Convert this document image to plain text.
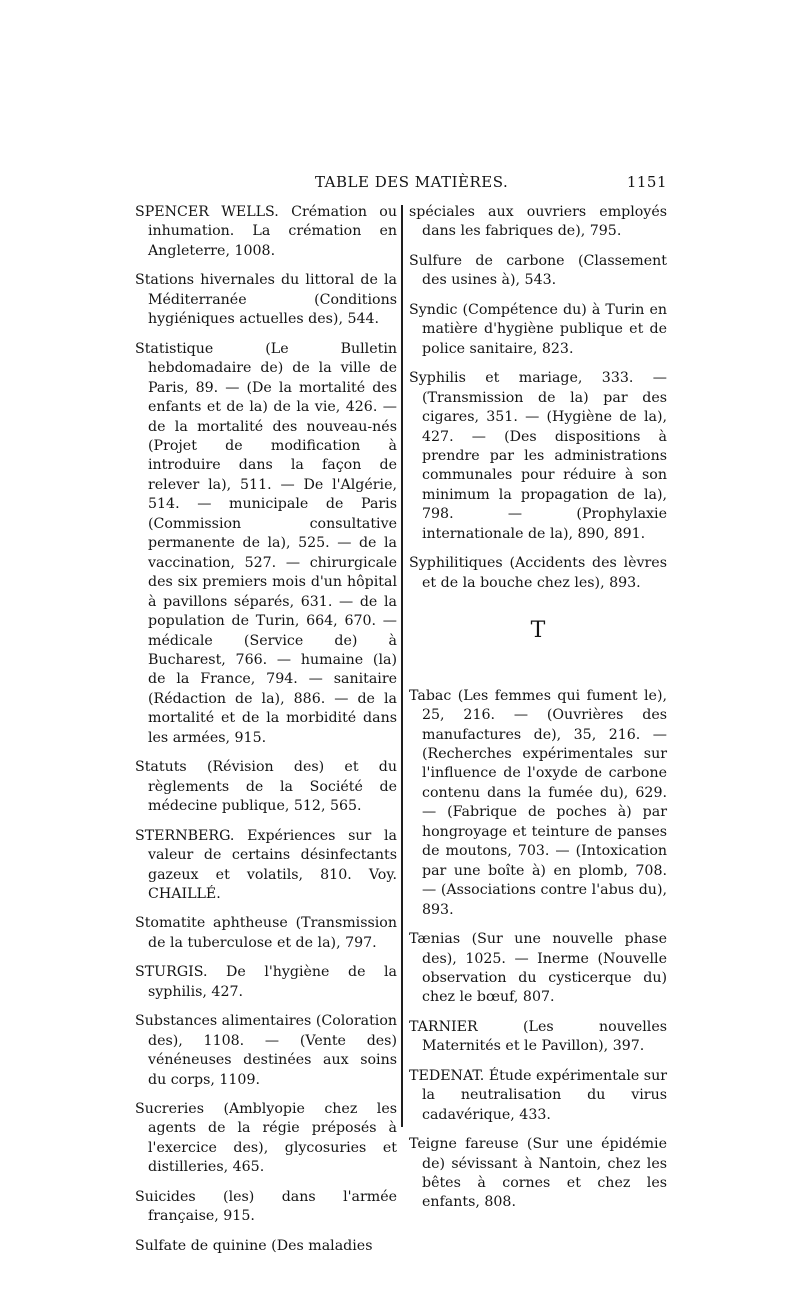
TABLE DES MATIÈRES.	1151

SPENCER WELLS. Crémation ou inhumation. La crémation en Angleterre, 1008.

Stations hivernales du littoral de la Méditerranée (Conditions hygiéniques actuelles des), 544.

Statistique (Le Bulletin hebdomadaire de) de la ville de Paris, 89. — (De la mortalité des enfants et de la) de la vie, 426. — de la mortalité des nouveau-nés (Projet de modification à introduire dans la façon de relever la), 511. — De l'Algérie, 514. — municipale de Paris (Commission consultative permanente de la), 525. — de la vaccination, 527. — chirurgicale des six premiers mois d'un hôpital à pavillons séparés, 631. — de la population de Turin, 664, 670. — médicale (Service de) à Bucharest, 766. — humaine (la) de la France, 794. — sanitaire (Rédaction de la), 886. — de la mortalité et de la morbidité dans les armées, 915.

Statuts (Révision des) et du règlements de la Société de médecine publique, 512, 565.

STERNBERG. Expériences sur la valeur de certains désinfectants gazeux et volatils, 810. Voy. CHAILLÉ.

Stomatite aphtheuse (Transmission de la tuberculose et de la), 797.

STURGIS. De l'hygiène de la syphilis, 427.

Substances alimentaires (Coloration des), 1108. — (Vente des) vénéneuses destinées aux soins du corps, 1109.

Sucreries (Amblyopie chez les agents de la régie préposés à l'exercice des), glycosuries et distilleries, 465.

Suicides (les) dans l'armée française, 915.

Sulfate de quinine (Des maladies

spéciales aux ouvriers employés dans les fabriques de), 795.

Sulfure de carbone (Classement des usines à), 543.

Syndic (Compétence du) à Turin en matière d'hygiène publique et de police sanitaire, 823.

Syphilis et mariage, 333. — (Transmission de la) par des cigares, 351. — (Hygiène de la), 427. — (Des dispositions à prendre par les administrations communales pour réduire à son minimum la propagation de la), 798. — (Prophylaxie internationale de la), 890, 891.

Syphilitiques (Accidents des lèvres et de la bouche chez les), 893.

T

Tabac (Les femmes qui fument le), 25, 216. — (Ouvrières des manufactures de), 35, 216. — (Recherches expérimentales sur l'influence de l'oxyde de carbone contenu dans la fumée du), 629. — (Fabrique de poches à) par hongroyage et teinture de panses de moutons, 703. — (Intoxication par une boîte à) en plomb, 708. — (Associations contre l'abus du), 893.

Tænias (Sur une nouvelle phase des), 1025. — Inerme (Nouvelle observation du cysticerque du) chez le bœuf, 807.

TARNIER (Les nouvelles Maternités et le Pavillon), 397.

TEDENAT. Étude expérimentale sur la neutralisation du virus cadavérique, 433.

Teigne fareuse (Sur une épidémie de) sévissant à Nantoin, chez les bêtes à cornes et chez les enfants, 808.
